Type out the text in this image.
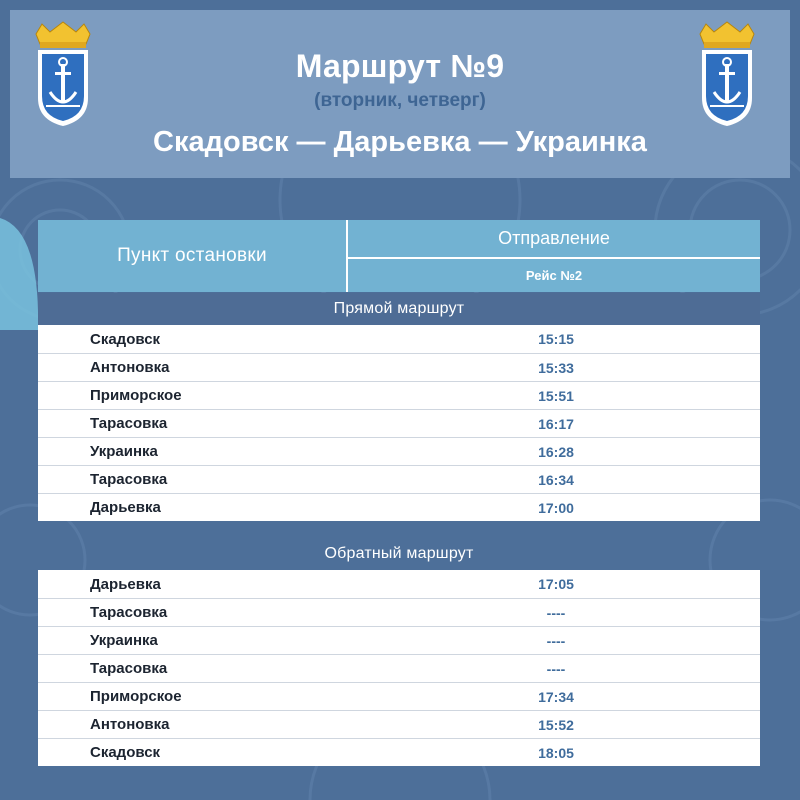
Маршрут №9
(вторник, четверг)
Скадовск — Дарьевка — Украинка
Пункт остановки
Отправление
Рейс №2
Прямой маршрут
Скадовск	15:15
Антоновка	15:33
Приморское	15:51
Тарасовка	16:17
Украинка	16:28
Тарасовка	16:34
Дарьевка	17:00
Обратный маршрут
Дарьевка	17:05
Тарасовка	----
Украинка	----
Тарасовка	----
Приморское	17:34
Антоновка	15:52
Скадовск	18:05
